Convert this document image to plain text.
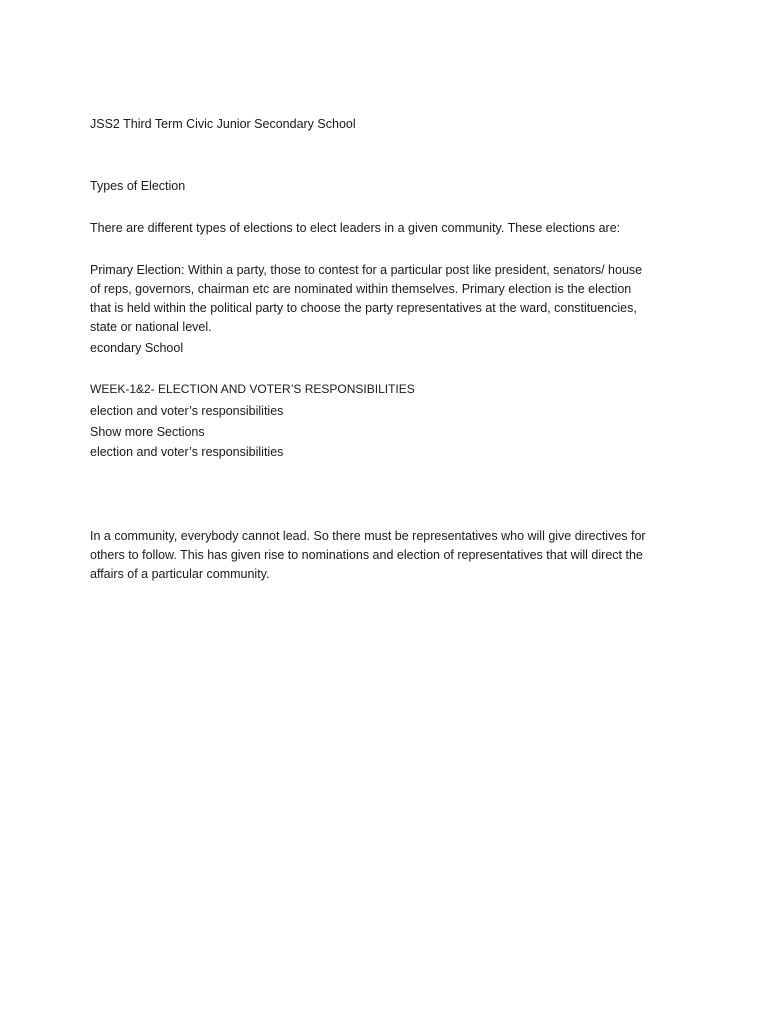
JSS2 Third Term Civic Junior Secondary School

Types of Election

There are different types of elections to elect leaders in a given community. These elections are:

Primary Election: Within a party, those to contest for a particular post like president, senators/ house

of reps, governors, chairman etc are nominated within themselves. Primary election is the election

that is held within the political party to choose the party representatives at the ward, constituencies,

state or national level.

econdary School

WEEK-1&2- ELECTION AND VOTER’S RESPONSIBILITIES

election and voter’s responsibilities

Show more Sections

election and voter’s responsibilities

In a community, everybody cannot lead. So there must be representatives who will give directives for

others to follow. This has given rise to nominations and election of representatives that will direct the

affairs of a particular community.
